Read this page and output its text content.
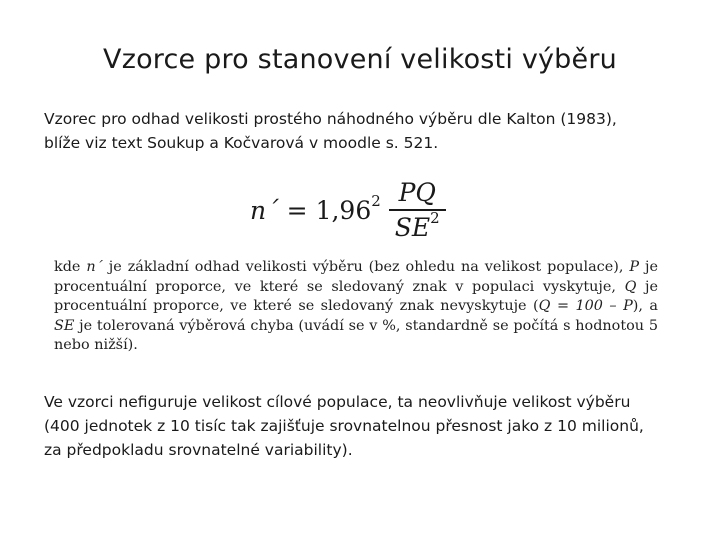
Vzorce pro stanovení velikosti výběru

Vzorec pro odhad velikosti prostého náhodného výběru dle Kalton (1983),

blíže viz text Soukup a Kočvarová v moodle s. 521.

n´ = $1,96^2 \frac{PQ}{SE^2}$

kde n´ je základní odhad velikosti výběru (bez ohledu na velikost populace), P je procentuální proporce, ve které se sledovaný znak v populaci vyskytuje, Q je procentuální proporce, ve které se sledovaný znak nevyskytuje (Q = 100 – P), a SE je tolerovaná výběrová chyba (uvádí se v %, standardně se počítá s hodnotou 5 nebo nižší).

Ve vzorci nefiguruje velikost cílové populace, ta neovlivňuje velikost výběru

(400 jednotek z 10 tisíc tak zajišťuje srovnatelnou přesnost jako z 10 milionů,

za předpokladu srovnatelné variability).
